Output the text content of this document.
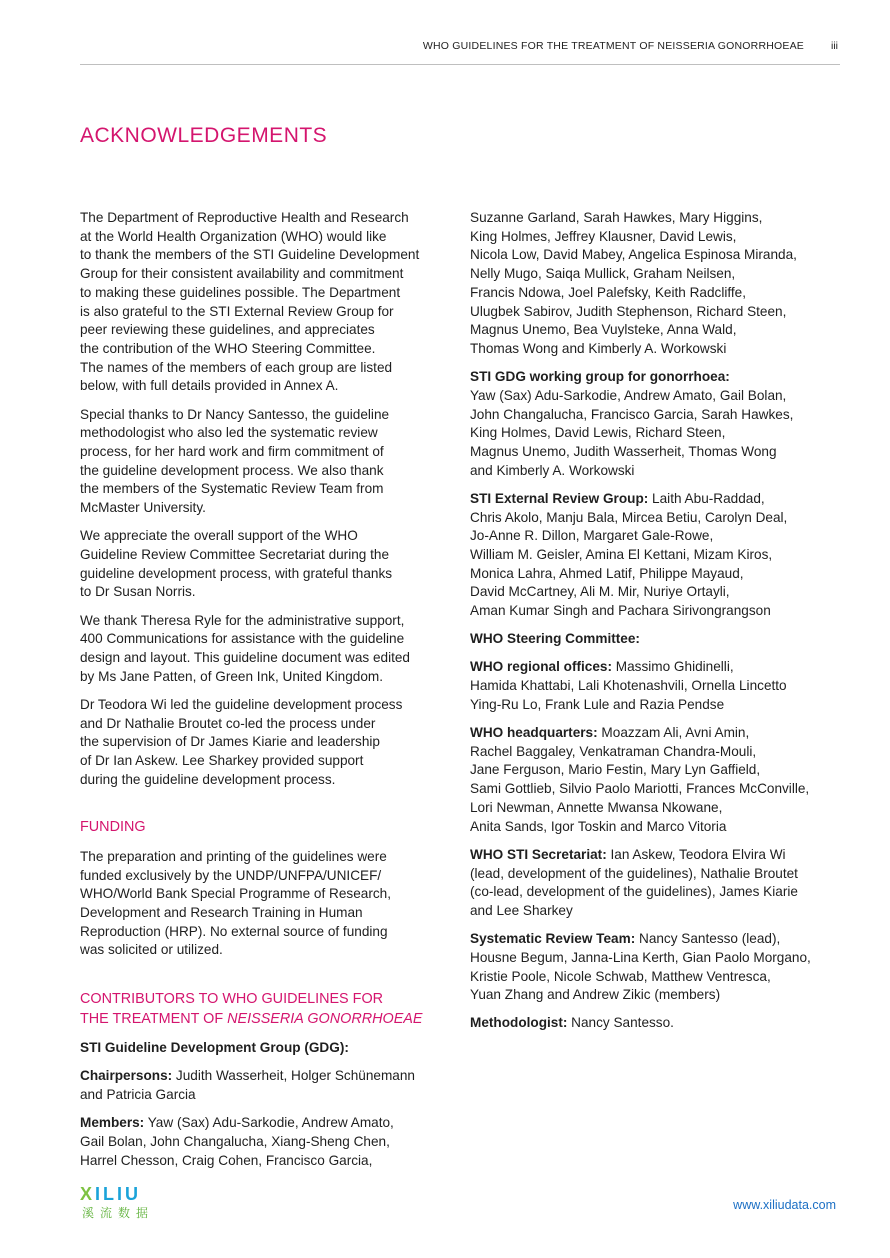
WHO GUIDELINES FOR THE TREATMENT OF NEISSERIA GONORRHOEAE	iii
ACKNOWLEDGEMENTS

The Department of Reproductive Health and Research
at the World Health Organization (WHO) would like
to thank the members of the STI Guideline Development
Group for their consistent availability and commitment
to making these guidelines possible. The Department
is also grateful to the STI External Review Group for
peer reviewing these guidelines, and appreciates
the contribution of the WHO Steering Committee.
The names of the members of each group are listed
below, with full details provided in Annex A.

Special thanks to Dr Nancy Santesso, the guideline
methodologist who also led the systematic review
process, for her hard work and firm commitment of
the guideline development process. We also thank
the members of the Systematic Review Team from
McMaster University.

We appreciate the overall support of the WHO
Guideline Review Committee Secretariat during the
guideline development process, with grateful thanks
to Dr Susan Norris.

We thank Theresa Ryle for the administrative support,
400 Communications for assistance with the guideline
design and layout. This guideline document was edited
by Ms Jane Patten, of Green Ink, United Kingdom.

Dr Teodora Wi led the guideline development process
and Dr Nathalie Broutet co-led the process under
the supervision of Dr James Kiarie and leadership
of Dr Ian Askew. Lee Sharkey provided support
during the guideline development process.

FUNDING

The preparation and printing of the guidelines were
funded exclusively by the UNDP/UNFPA/UNICEF/
WHO/World Bank Special Programme of Research,
Development and Research Training in Human
Reproduction (HRP). No external source of funding
was solicited or utilized.

CONTRIBUTORS TO WHO GUIDELINES FOR
THE TREATMENT OF NEISSERIA GONORRHOEAE

STI Guideline Development Group (GDG):

Chairpersons: Judith Wasserheit, Holger Schünemann
and Patricia Garcia

Members: Yaw (Sax) Adu-Sarkodie, Andrew Amato,
Gail Bolan, John Changalucha, Xiang-Sheng Chen,
Harrel Chesson, Craig Cohen, Francisco Garcia,

Suzanne Garland, Sarah Hawkes, Mary Higgins,
King Holmes, Jeffrey Klausner, David Lewis,
Nicola Low, David Mabey, Angelica Espinosa Miranda,
Nelly Mugo, Saiqa Mullick, Graham Neilsen,
Francis Ndowa, Joel Palefsky, Keith Radcliffe,
Ulugbek Sabirov, Judith Stephenson, Richard Steen,
Magnus Unemo, Bea Vuylsteke, Anna Wald,
Thomas Wong and Kimberly A. Workowski

STI GDG working group for gonorrhoea:
Yaw (Sax) Adu-Sarkodie, Andrew Amato, Gail Bolan,
John Changalucha, Francisco Garcia, Sarah Hawkes,
King Holmes, David Lewis, Richard Steen,
Magnus Unemo, Judith Wasserheit, Thomas Wong
and Kimberly A. Workowski

STI External Review Group: Laith Abu-Raddad,
Chris Akolo, Manju Bala, Mircea Betiu, Carolyn Deal,
Jo-Anne R. Dillon, Margaret Gale-Rowe,
William M. Geisler, Amina El Kettani, Mizam Kiros,
Monica Lahra, Ahmed Latif, Philippe Mayaud,
David McCartney, Ali M. Mir, Nuriye Ortayli,
Aman Kumar Singh and Pachara Sirivongrangson

WHO Steering Committee:

WHO regional offices: Massimo Ghidinelli,
Hamida Khattabi, Lali Khotenashvili, Ornella Lincetto
Ying-Ru Lo, Frank Lule and Razia Pendse

WHO headquarters: Moazzam Ali, Avni Amin,
Rachel Baggaley, Venkatraman Chandra-Mouli,
Jane Ferguson, Mario Festin, Mary Lyn Gaffield,
Sami Gottlieb, Silvio Paolo Mariotti, Frances McConville,
Lori Newman, Annette Mwansa Nkowane,
Anita Sands, Igor Toskin and Marco Vitoria

WHO STI Secretariat: Ian Askew, Teodora Elvira Wi
(lead, development of the guidelines), Nathalie Broutet
(co-lead, development of the guidelines), James Kiarie
and Lee Sharkey

Systematic Review Team: Nancy Santesso (lead),
Housne Begum, Janna-Lina Kerth, Gian Paolo Morgano,
Kristie Poole, Nicole Schwab, Matthew Ventresca,
Yuan Zhang and Andrew Zikic (members)

Methodologist: Nancy Santesso.

XILIU
溪流数据
www.xiliudata.com
